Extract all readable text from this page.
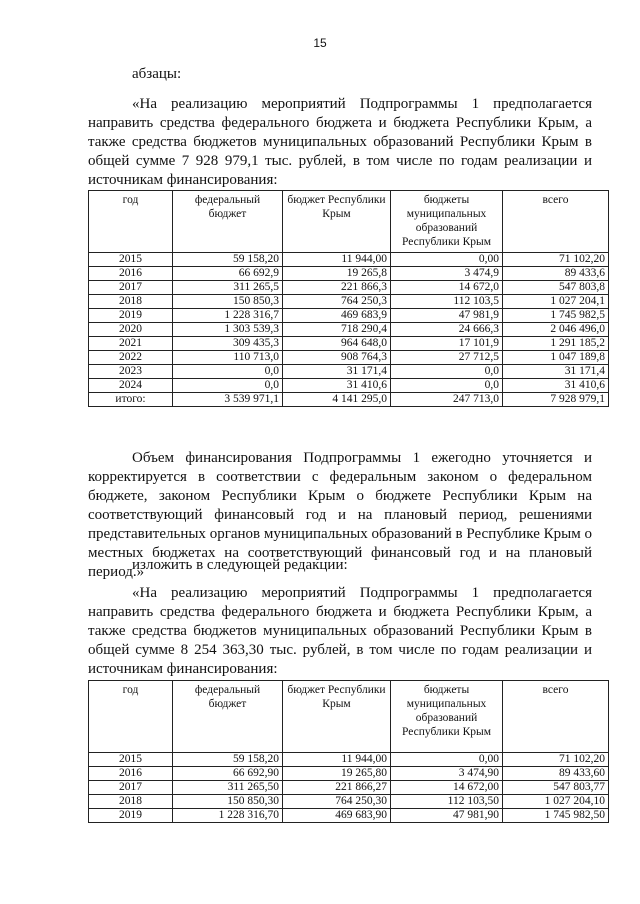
15
абзацы:
«На реализацию мероприятий Подпрограммы 1 предполагается направить средства федерального бюджета и бюджета Республики Крым, а также средства бюджетов муниципальных образований Республики Крым в общей сумме 7 928 979,1 тыс. рублей, в том числе по годам реализации и источникам финансирования:
год	федеральный бюджет	бюджет Республики Крым	бюджеты муниципальных образований Республики Крым	всего
2015	59 158,20	11 944,00	0,00	71 102,20
2016	66 692,9	19 265,8	3 474,9	89 433,6
2017	311 265,5	221 866,3	14 672,0	547 803,8
2018	150 850,3	764 250,3	112 103,5	1 027 204,1
2019	1 228 316,7	469 683,9	47 981,9	1 745 982,5
2020	1 303 539,3	718 290,4	24 666,3	2 046 496,0
2021	309 435,3	964 648,0	17 101,9	1 291 185,2
2022	110 713,0	908 764,3	27 712,5	1 047 189,8
2023	0,0	31 171,4	0,0	31 171,4
2024	0,0	31 410,6	0,0	31 410,6
итого:	3 539 971,1	4 141 295,0	247 713,0	7 928 979,1
Объем финансирования Подпрограммы 1 ежегодно уточняется и корректируется в соответствии с федеральным законом о федеральном бюджете, законом Республики Крым о бюджете Республики Крым на соответствующий финансовый год и на плановый период, решениями представительных органов муниципальных образований в Республике Крым о местных бюджетах на соответствующий финансовый год и на плановый период.»
изложить в следующей редакции:
«На реализацию мероприятий Подпрограммы 1 предполагается направить средства федерального бюджета и бюджета Республики Крым, а также средства бюджетов муниципальных образований Республики Крым в общей сумме 8 254 363,30 тыс. рублей, в том числе по годам реализации и источникам финансирования:
год	федеральный бюджет	бюджет Республики Крым	бюджеты муниципальных образований Республики Крым	всего
2015	59 158,20	11 944,00	0,00	71 102,20
2016	66 692,90	19 265,80	3 474,90	89 433,60
2017	311 265,50	221 866,27	14 672,00	547 803,77
2018	150 850,30	764 250,30	112 103,50	1 027 204,10
2019	1 228 316,70	469 683,90	47 981,90	1 745 982,50
